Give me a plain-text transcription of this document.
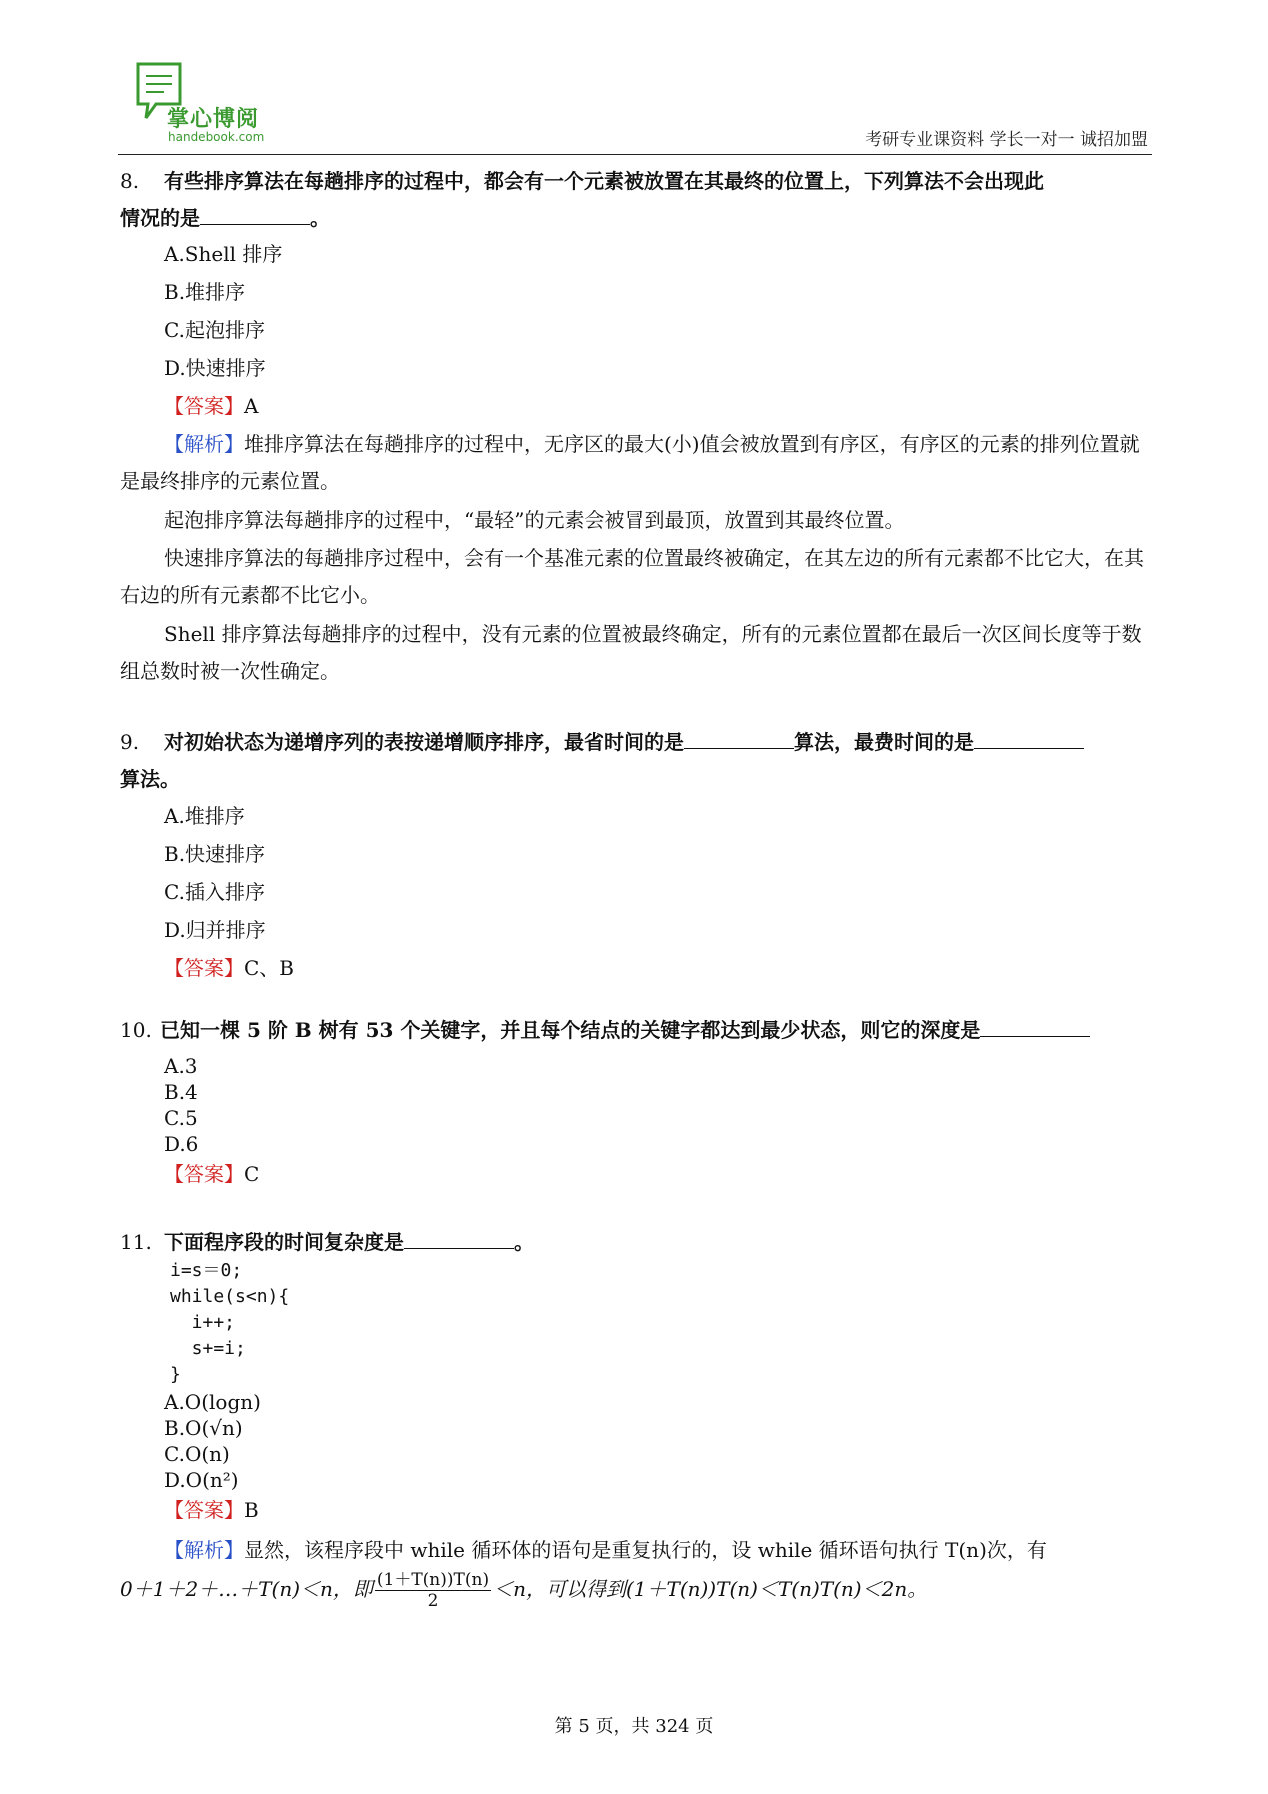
掌心博阅
handebook.com	考研专业课资料 学长一对一 诚招加盟
8. 有些排序算法在每趟排序的过程中，都会有一个元素被放置在其最终的位置上，下列算法不会出现此
情况的是	。
A.Shell 排序
B.堆排序
C.起泡排序
D.快速排序
【答案】A
【解析】堆排序算法在每趟排序的过程中，无序区的最大(小)值会被放置到有序区，有序区的元素的排列位置就是最终排序的元素位置。
起泡排序算法每趟排序的过程中，“最轻”的元素会被冒到最顶，放置到其最终位置。
快速排序算法的每趟排序过程中，会有一个基准元素的位置最终被确定，在其左边的所有元素都不比它大，在其右边的所有元素都不比它小。
Shell 排序算法每趟排序的过程中，没有元素的位置被最终确定，所有的元素位置都在最后一次区间长度等于数组总数时被一次性确定。
9. 对初始状态为递增序列的表按递增顺序排序，最省时间的是	算法，最费时间的是
算法。
A.堆排序
B.快速排序
C.插入排序
D.归并排序
【答案】C、B
10. 已知一棵 5 阶 B 树有 53 个关键字，并且每个结点的关键字都达到最少状态，则它的深度是
A.3
B.4
C.5
D.6
【答案】C
11. 下面程序段的时间复杂度是	。
i=s＝0;
while(s<n){
i++;
s+=i;
}
A.O(logn)
B.O(√n)
C.O(n)
D.O(n²)
【答案】B
【解析】显然，该程序段中 while 循环体的语句是重复执行的，设 while 循环语句执行 T(n)次，有
0＋1＋2＋…＋T(n)＜n，即 $\frac{(1+T(n))T(n)}{2} <n$，可以得到(1＋T(n))T(n)＜T(n)T(n)＜2n。
第 5 页，共 324 页
